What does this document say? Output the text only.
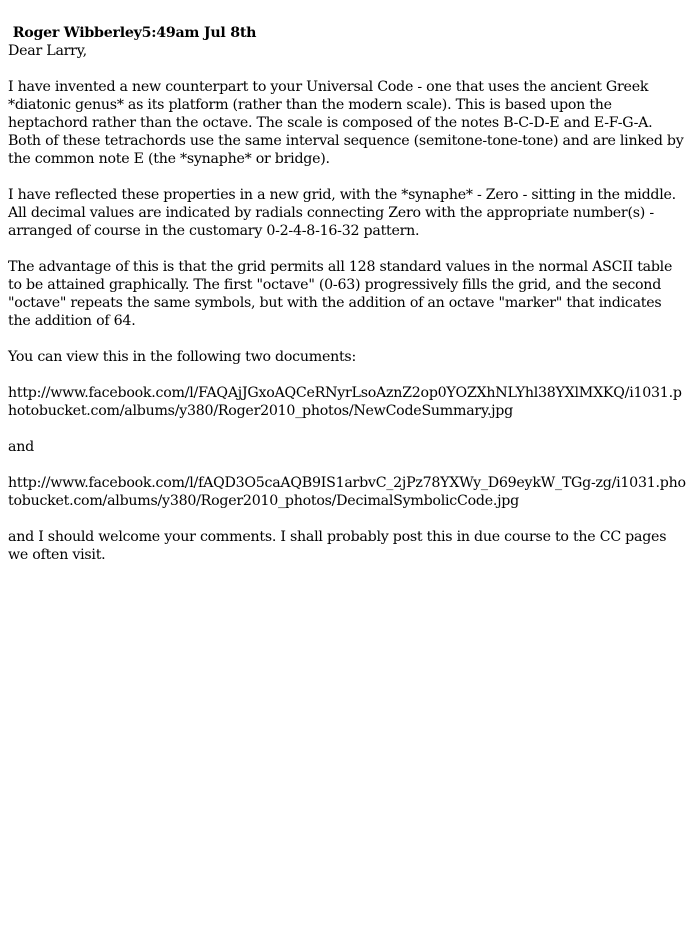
Roger Wibberley5:49am Jul 8th

Dear Larry,

I have invented a new counterpart to your Universal Code - one that uses the ancient Greek *diatonic genus* as its platform (rather than the modern scale). This is based upon the heptachord rather than the octave. The scale is composed of the notes B-C-D-E and E-F-G-A. Both of these tetrachords use the same interval sequence (semitone-tone-tone) and are linked by the common note E (the *synaphe* or bridge).

I have reflected these properties in a new grid, with the *synaphe* - Zero - sitting in the middle. All decimal values are indicated by radials connecting Zero with the appropriate number(s) - arranged of course in the customary 0-2-4-8-16-32 pattern.

The advantage of this is that the grid permits all 128 standard values in the normal ASCII table to be attained graphically. The first "octave" (0-63) progressively fills the grid, and the second "octave" repeats the same symbols, but with the addition of an octave "marker" that indicates the addition of 64.

You can view this in the following two documents:

http://www.facebook.com/l/FAQAjJGxoAQCeRNyrLsoAznZ2op0YOZXhNLYhl38YXlMXKQ/i1031.photobucket.com/albums/y380/Roger2010_photos/NewCodeSummary.jpg

and

http://www.facebook.com/l/fAQD3O5caAQB9IS1arbvC_2jPz78YXWy_D69eykW_TGg-zg/i1031.photobucket.com/albums/y380/Roger2010_photos/DecimalSymbolicCode.jpg

and I should welcome your comments. I shall probably post this in due course to the CC pages we often visit.
